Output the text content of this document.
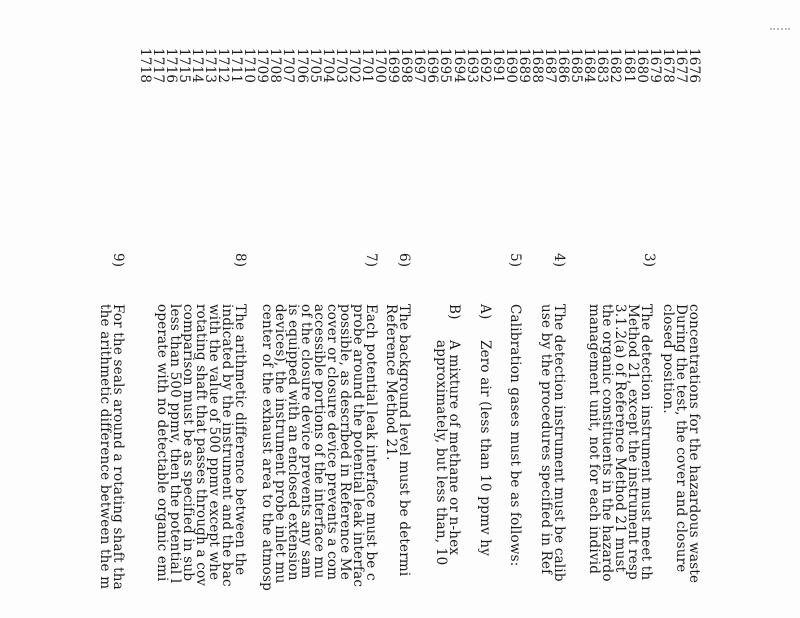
1676
1677
1678
1679
1680
1681
1682
1683
1684
1685
1686
1687
1688
1689
1690
1691
1692
1693
1694
1695
1696
1697
1698
1699
1700
1701
1702
1703
1704
1705
1706
1707
1708
1709
1710
1711
1712
1713
1714
1715
1716
1717
1718
3)
4)
5)
6)
7)
8)
9)
concentrations for the hazardous waste
During the test, the cover and closure
closed position.
The detection instrument must meet th
Method 21, except the instrument resp
3.1.2(a) of Reference Method 21 must
the organic constituents in the hazardo
management unit, not for each individ
The detection instrument must be calib
use by the procedures specified in Ref
Calibration gases must be as follows:
A)
Zero air (less than 10 ppmv hy
B)
A mixture of methane or n-hex
approximately, but less than, 10
The background level must be determi
Reference Method 21.
Each potential leak interface must be c
probe around the potential leak interfac
possible, as described in Reference Me
cover or closure device prevents a com
accessible portions of the interface mu
of the closure device prevents any sam
is equipped with an enclosed extension
devices), the instrument probe inlet mu
center of the exhaust area to the atmosp
The arithmetic difference between the
indicated by the instrument and the bac
with the value of 500 ppmv except whe
rotating shaft that passes through a cov
comparison must be as specified in sub
less than 500 ppmv, then the potential l
operate with no detectable organic emi
For the seals around a rotating shaft tha
the arithmetic difference between the m
